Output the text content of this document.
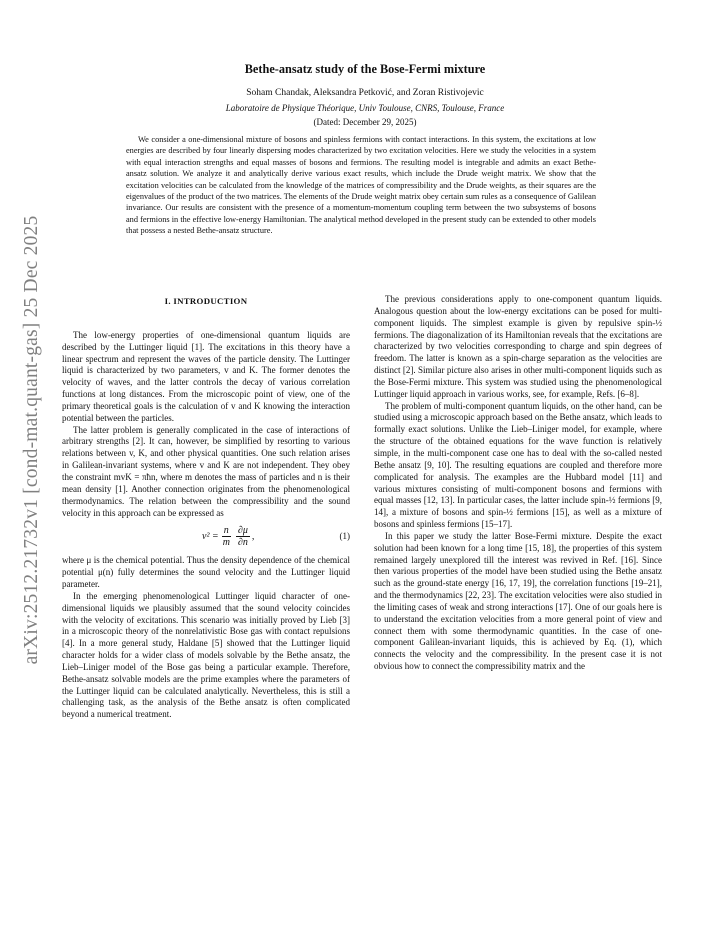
arXiv:2512.21732v1 [cond-mat.quant-gas] 25 Dec 2025
Bethe-ansatz study of the Bose-Fermi mixture
Soham Chandak, Aleksandra Petković, and Zoran Ristivojevic
Laboratoire de Physique Théorique, Univ Toulouse, CNRS, Toulouse, France
(Dated: December 29, 2025)

We consider a one-dimensional mixture of bosons and spinless fermions with contact interactions. In this system, the excitations at low energies are described by four linearly dispersing modes characterized by two excitation velocities. Here we study the velocities in a system with equal interaction strengths and equal masses of bosons and fermions. The resulting model is integrable and admits an exact Bethe-ansatz solution. We analyze it and analytically derive various exact results, which include the Drude weight matrix. We show that the excitation velocities can be calculated from the knowledge of the matrices of compressibility and the Drude weights, as their squares are the eigenvalues of the product of the two matrices. The elements of the Drude weight matrix obey certain sum rules as a consequence of Galilean invariance. Our results are consistent with the presence of a momentum-momentum coupling term between the two subsystems of bosons and fermions in the effective low-energy Hamiltonian. The analytical method developed in the present study can be extended to other models that possess a nested Bethe-ansatz structure.

I. INTRODUCTION

The low-energy properties of one-dimensional quantum liquids are described by the Luttinger liquid [1]. The excitations in this theory have a linear spectrum and represent the waves of the particle density. The Luttinger liquid is characterized by two parameters, v and K. The former denotes the velocity of waves, and the latter controls the decay of various correlation functions at long distances. From the microscopic point of view, one of the primary theoretical goals is the calculation of v and K knowing the interaction potential between the particles.

The latter problem is generally complicated in the case of interactions of arbitrary strengths [2]. It can, however, be simplified by resorting to various relations between v, K, and other physical quantities. One such relation arises in Galilean-invariant systems, where v and K are not independent. They obey the constraint mvK = πħn, where m denotes the mass of particles and n is their mean density [1]. Another connection originates from the phenomenological thermodynamics. The relation between the compressibility and the sound velocity in this approach can be expressed as

$v^2 = \frac{n}{m} \frac{\partial\mu}{\partial n}$ ,	(1)

where μ is the chemical potential. Thus the density dependence of the chemical potential μ(n) fully determines the sound velocity and the Luttinger liquid parameter.

In the emerging phenomenological Luttinger liquid character of one-dimensional liquids we plausibly assumed that the sound velocity coincides with the velocity of excitations. This scenario was initially proved by Lieb [3] in a microscopic theory of the nonrelativistic Bose gas with contact repulsions [4]. In a more general study, Haldane [5] showed that the Luttinger liquid character holds for a wider class of models solvable by the Bethe ansatz, the Lieb–Liniger model of the Bose gas being a particular example. Therefore, Bethe-ansatz solvable models are the prime examples where the parameters of the Luttinger liquid can be calculated analytically. Nevertheless, this is still a challenging task, as the analysis of the Bethe ansatz is often complicated beyond a numerical treatment.

The previous considerations apply to one-component quantum liquids. Analogous question about the low-energy excitations can be posed for multi-component liquids. The simplest example is given by repulsive spin-½ fermions. The diagonalization of its Hamiltonian reveals that the excitations are characterized by two velocities corresponding to charge and spin degrees of freedom. The latter is known as a spin-charge separation as the velocities are distinct [2]. Similar picture also arises in other multi-component liquids such as the Bose-Fermi mixture. This system was studied using the phenomenological Luttinger liquid approach in various works, see, for example, Refs. [6–8].

The problem of multi-component quantum liquids, on the other hand, can be studied using a microscopic approach based on the Bethe ansatz, which leads to formally exact solutions. Unlike the Lieb–Liniger model, for example, where the structure of the obtained equations for the wave function is relatively simple, in the multi-component case one has to deal with the so-called nested Bethe ansatz [9, 10]. The resulting equations are coupled and therefore more complicated for analysis. The examples are the Hubbard model [11] and various mixtures consisting of multi-component bosons and fermions with equal masses [12, 13]. In particular cases, the latter include spin-½ fermions [9, 14], a mixture of bosons and spin-½ fermions [15], as well as a mixture of bosons and spinless fermions [15–17].

In this paper we study the latter Bose-Fermi mixture. Despite the exact solution had been known for a long time [15, 18], the properties of this system remained largely unexplored till the interest was revived in Ref. [16]. Since then various properties of the model have been studied using the Bethe ansatz such as the ground-state energy [16, 17, 19], the correlation functions [19–21], and the thermodynamics [22, 23]. The excitation velocities were also studied in the limiting cases of weak and strong interactions [17]. One of our goals here is to understand the excitation velocities from a more general point of view and connect them with some thermodynamic quantities. In the case of one-component Galilean-invariant liquids, this is achieved by Eq. (1), which connects the velocity and the compressibility. In the present case it is not obvious how to connect the compressibility matrix and the
